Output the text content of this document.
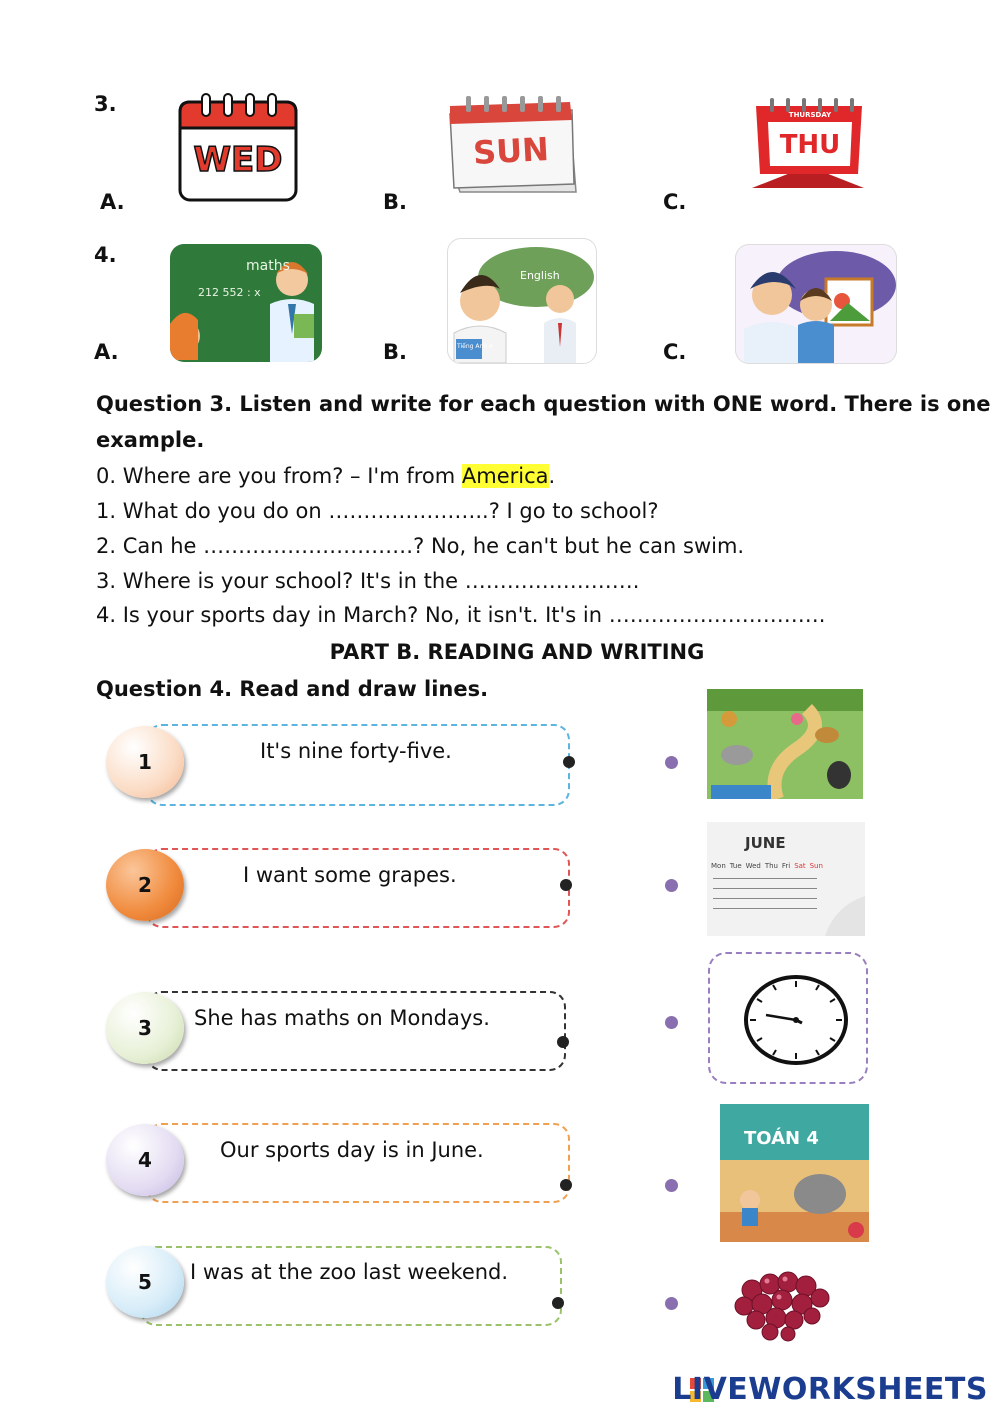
3.
A.	B.	C.
WED	SUN
THURSDAY
THU
4.
A.	B.	C.
maths
212 552 : x
English
Tiếng Anh 4
Question 3. Listen and write for each question with ONE word. There is one
example.
0. Where are you from? – I'm from America.
1. What do you do on …………………..? I go to school?
2. Can he …………………………? No, he can't but he can swim.
3. Where is your school? It's in the …………………….
4. Is your sports day in March? No, it isn't. It's in ………………………….
PART B. READING AND WRITING
Question 4. Read and draw lines.
1	It's nine forty-five.
2	I want some grapes.
3	She has maths on Mondays.
4	Our sports day is in June.
5	I was at the zoo last weekend.
JUNE
Mon Tue Wed Thu Fri Sat Sun
TOÁN 4
LIVEWORKSHEETS
